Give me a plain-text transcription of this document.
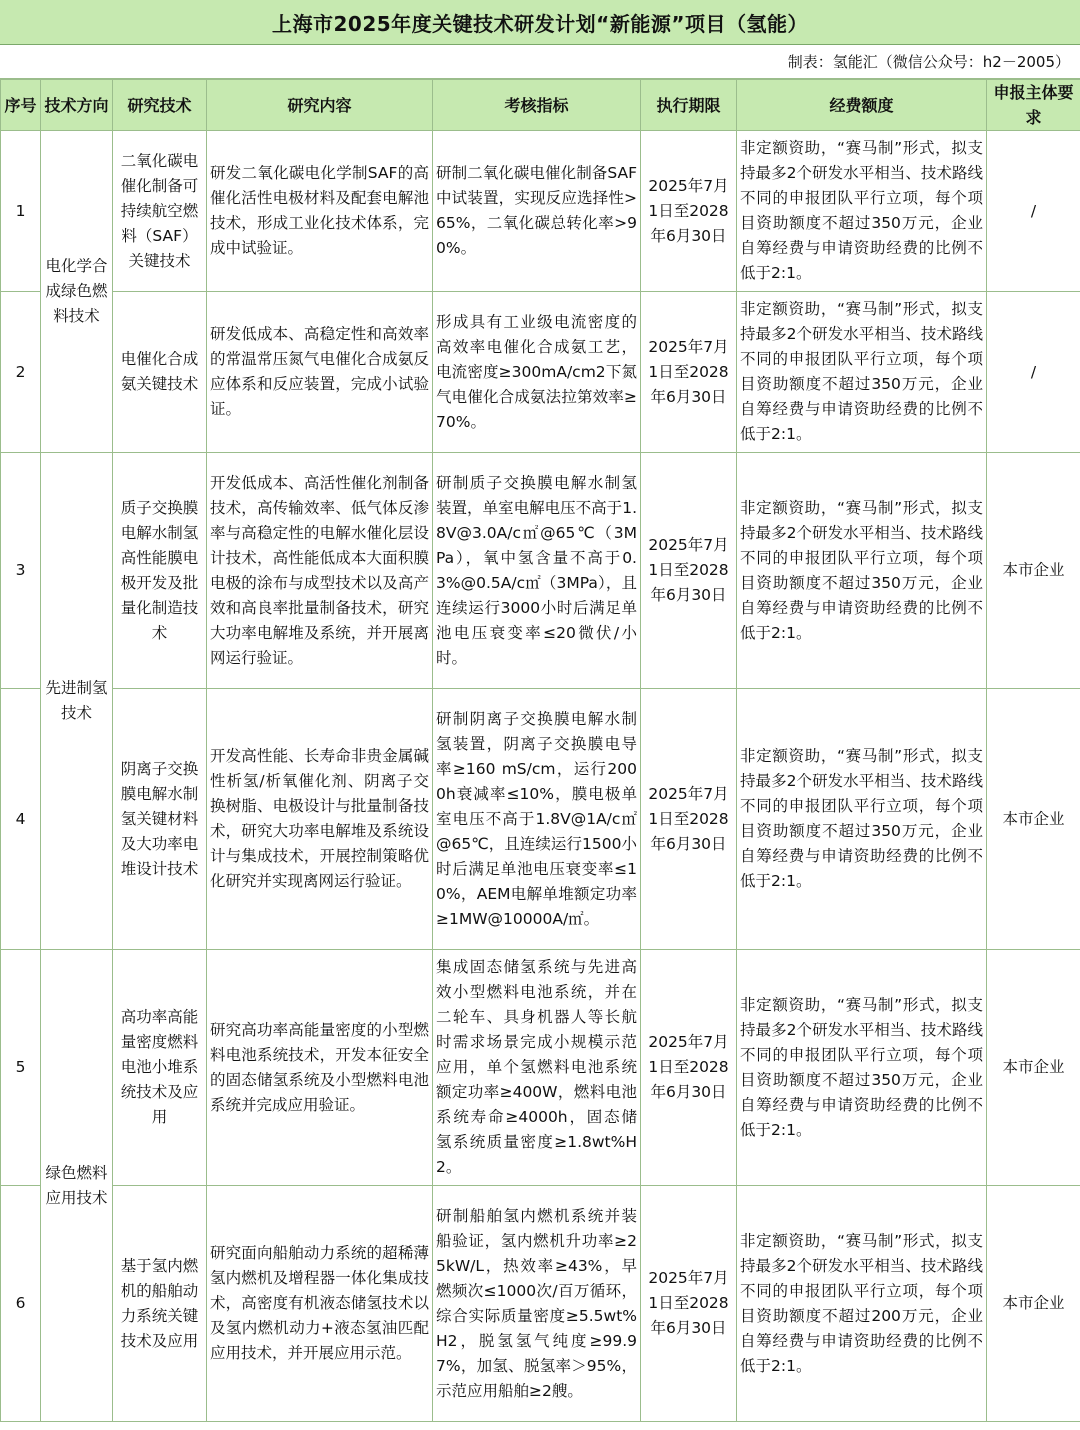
上海市2025年度关键技术研发计划“新能源”项目（氢能）
制表：氢能汇（微信公众号：h2－2005）
序号	技术方向	研究技术	研究内容	考核指标	执行期限	经费额度	申报主体要求
1	电化学合成绿色燃料技术	二氧化碳电催化制备可持续航空燃料（SAF）关键技术	研发二氧化碳电化学制SAF的高催化活性电极材料及配套电解池技术，形成工业化技术体系，完成中试验证。	研制二氧化碳电催化制备SAF中试装置，实现反应选择性>65%，二氧化碳总转化率>90%。	2025年7月1日至2028年6月30日	非定额资助，“赛马制”形式，拟支持最多2个研发水平相当、技术路线不同的申报团队平行立项，每个项目资助额度不超过350万元，企业自筹经费与申请资助经费的比例不低于2:1。	/
2		电催化合成氨关键技术	研发低成本、高稳定性和高效率的常温常压氮气电催化合成氨反应体系和反应装置，完成小试验证。	形成具有工业级电流密度的高效率电催化合成氨工艺，电流密度≥300mA/cm2下氮气电催化合成氨法拉第效率≥70%。	2025年7月1日至2028年6月30日	非定额资助，“赛马制”形式，拟支持最多2个研发水平相当、技术路线不同的申报团队平行立项，每个项目资助额度不超过350万元，企业自筹经费与申请资助经费的比例不低于2:1。	/
3	先进制氢技术	质子交换膜电解水制氢高性能膜电极开发及批量化制造技术	开发低成本、高活性催化剂制备技术，高传输效率、低气体反渗率与高稳定性的电解水催化层设计技术，高性能低成本大面积膜电极的涂布与成型技术以及高产效和高良率批量制备技术，研究大功率电解堆及系统，并开展离网运行验证。	研制质子交换膜电解水制氢装置，单室电解电压不高于1.8V@3.0A/c㎡@65℃（3MPa），氧中氢含量不高于0.3%@0.5A/c㎡（3MPa），且连续运行3000小时后满足单池电压衰变率≤20微伏/小时。	2025年7月1日至2028年6月30日	非定额资助，“赛马制”形式，拟支持最多2个研发水平相当、技术路线不同的申报团队平行立项，每个项目资助额度不超过350万元，企业自筹经费与申请资助经费的比例不低于2:1。	本市企业
4		阴离子交换膜电解水制氢关键材料及大功率电堆设计技术	开发高性能、长寿命非贵金属碱性析氢/析氧催化剂、阴离子交换树脂、电极设计与批量制备技术，研究大功率电解堆及系统设计与集成技术，开展控制策略优化研究并实现离网运行验证。	研制阴离子交换膜电解水制氢装置，阴离子交换膜电导率≥160 mS/cm，运行2000h衰减率≤10%，膜电极单室电压不高于1.8V@1A/c㎡@65℃，且连续运行1500小时后满足单池电压衰变率≤10%，AEM电解单堆额定功率≥1MW@10000A/㎡。	2025年7月1日至2028年6月30日	非定额资助，“赛马制”形式，拟支持最多2个研发水平相当、技术路线不同的申报团队平行立项，每个项目资助额度不超过350万元，企业自筹经费与申请资助经费的比例不低于2:1。	本市企业
5	绿色燃料应用技术	高功率高能量密度燃料电池小堆系统技术及应用	研究高功率高能量密度的小型燃料电池系统技术，开发本征安全的固态储氢系统及小型燃料电池系统并完成应用验证。	集成固态储氢系统与先进高效小型燃料电池系统，并在二轮车、具身机器人等长航时需求场景完成小规模示范应用，单个氢燃料电池系统额定功率≥400W，燃料电池系统寿命≥4000h，固态储氢系统质量密度≥1.8wt%H2。	2025年7月1日至2028年6月30日	非定额资助，“赛马制”形式，拟支持最多2个研发水平相当、技术路线不同的申报团队平行立项，每个项目资助额度不超过350万元，企业自筹经费与申请资助经费的比例不低于2:1。	本市企业
6		基于氢内燃机的船舶动力系统关键技术及应用	研究面向船舶动力系统的超稀薄氢内燃机及增程器一体化集成技术，高密度有机液态储氢技术以及氢内燃机动力+液态氢油匹配应用技术，并开展应用示范。	研制船舶氢内燃机系统并装船验证，氢内燃机升功率≥25kW/L，热效率≥43%，早燃频次≤1000次/百万循环，综合实际质量密度≥5.5wt%H2，脱氢氢气纯度≥99.97%，加氢、脱氢率＞95%，示范应用船舶≥2艘。	2025年7月1日至2028年6月30日	非定额资助，“赛马制”形式，拟支持最多2个研发水平相当、技术路线不同的申报团队平行立项，每个项目资助额度不超过200万元，企业自筹经费与申请资助经费的比例不低于2:1。	本市企业
